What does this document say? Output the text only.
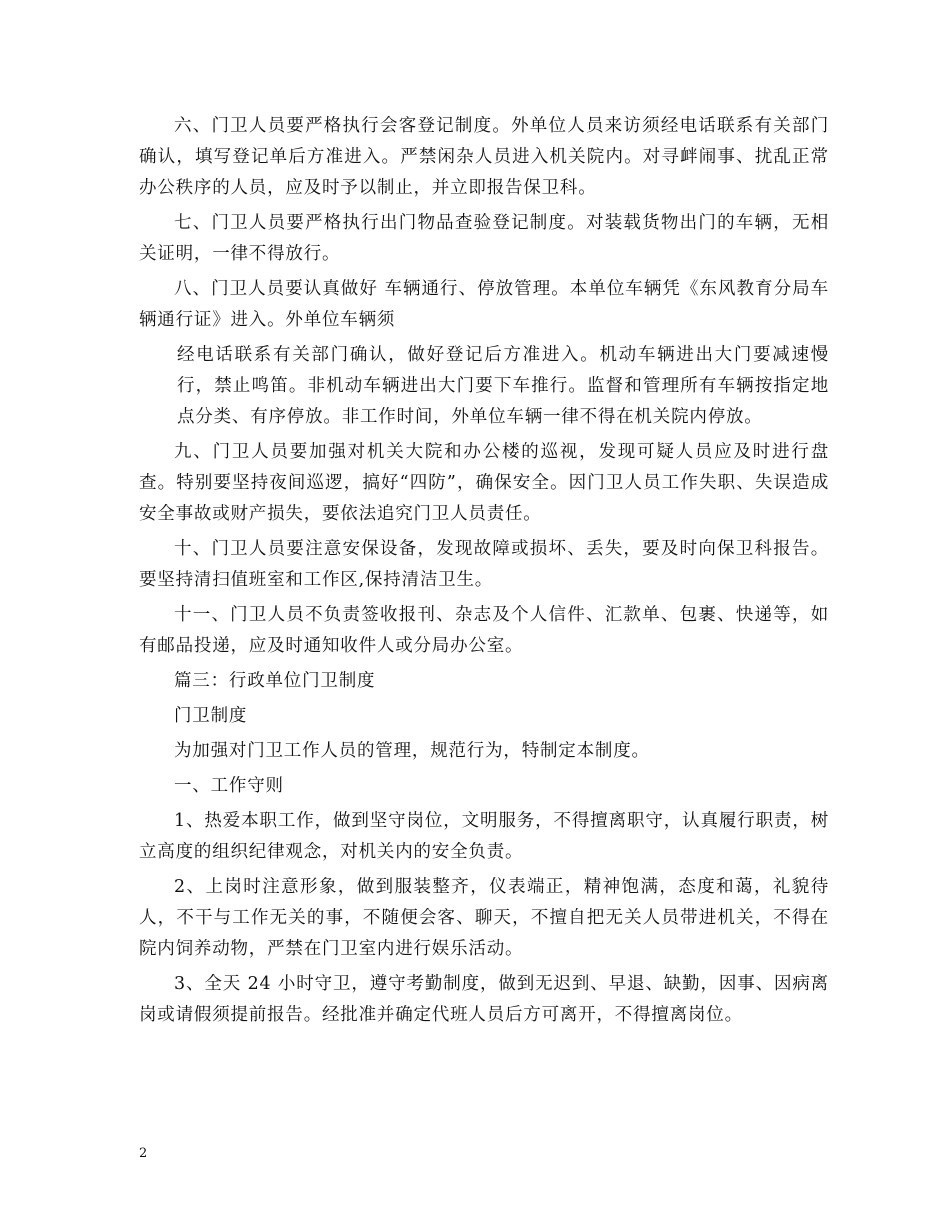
六、门卫人员要严格执行会客登记制度。外单位人员来访须经电话联系有关部门确认，填写登记单后方准进入。严禁闲杂人员进入机关院内。对寻衅闹事、扰乱正常办公秩序的人员，应及时予以制止，并立即报告保卫科。

七、门卫人员要严格执行出门物品查验登记制度。对装载货物出门的车辆，无相关证明，一律不得放行。

八、门卫人员要认真做好 车辆通行、停放管理。本单位车辆凭《东风教育分局车辆通行证》进入。外单位车辆须

经电话联系有关部门确认，做好登记后方准进入。机动车辆进出大门要减速慢行，禁止鸣笛。非机动车辆进出大门要下车推行。监督和管理所有车辆按指定地点分类、有序停放。非工作时间，外单位车辆一律不得在机关院内停放。

九、门卫人员要加强对机关大院和办公楼的巡视，发现可疑人员应及时进行盘查。特别要坚持夜间巡逻，搞好“四防”，确保安全。因门卫人员工作失职、失误造成安全事故或财产损失，要依法追究门卫人员责任。

十、门卫人员要注意安保设备，发现故障或损坏、丢失，要及时向保卫科报告。要坚持清扫值班室和工作区,保持清洁卫生。

十一、门卫人员不负责签收报刊、杂志及个人信件、汇款单、包裹、快递等，如有邮品投递，应及时通知收件人或分局办公室。

篇三：行政单位门卫制度

门卫制度

为加强对门卫工作人员的管理，规范行为，特制定本制度。

一、工作守则

1、热爱本职工作，做到坚守岗位，文明服务，不得擅离职守，认真履行职责，树立高度的组织纪律观念，对机关内的安全负责。

2、上岗时注意形象，做到服装整齐，仪表端正，精神饱满，态度和蔼，礼貌待人，不干与工作无关的事，不随便会客、聊天，不擅自把无关人员带进机关，不得在院内饲养动物，严禁在门卫室内进行娱乐活动。

3、全天 24 小时守卫，遵守考勤制度，做到无迟到、早退、缺勤，因事、因病离岗或请假须提前报告。经批准并确定代班人员后方可离开，不得擅离岗位。

2
